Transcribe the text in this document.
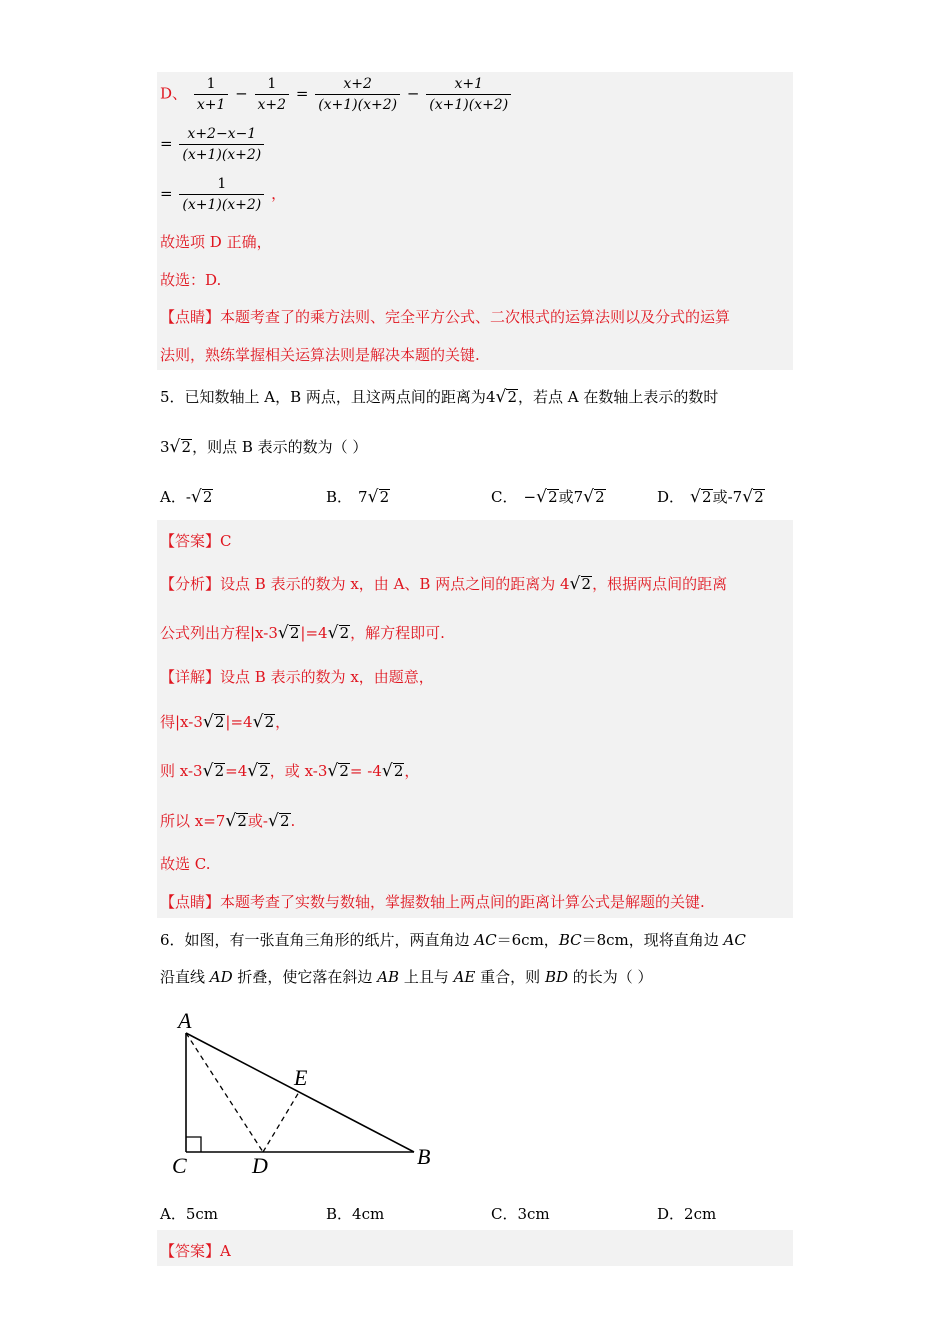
D、 $\frac{1}{x+1} - \frac{1}{x+2} = \frac{x+2}{(x+1)(x+2)} - \frac{x+1}{(x+1)(x+2)}$
= $\frac{x+2-x-1}{(x+1)(x+2)}$
= $\frac{1}{(x+1)(x+2)}$ ，
故选项 D 正确，
故选：D.
【点睛】本题考查了的乘方法则、完全平方公式、二次根式的运算法则以及分式的运算
法则，熟练掌握相关运算法则是解决本题的关键.
5．已知数轴上 A，B 两点，且这两点间的距离为4 √ 2，若点 A 在数轴上表示的数时
3 √ 2，则点 B 表示的数为（ ）
A．- √ 2	B． 7 √ 2	C． − √ 2或7 √ 2	D． √ 2或-7 √ 2
【答案】C
【分析】设点 B 表示的数为 x，由 A、B 两点之间的距离为 4 √ 2，根据两点间的距离
公式列出方程|x-3 √ 2|=4 √ 2，解方程即可.
【详解】设点 B 表示的数为 x，由题意，
得|x-3 √ 2|=4 √ 2，
则 x-3 √ 2=4 √ 2，或 x-3 √ 2= -4 √ 2，
所以 x=7 √ 2或- √ 2.
故选 C.
【点睛】本题考查了实数与数轴，掌握数轴上两点间的距离计算公式是解题的关键.
6．如图，有一张直角三角形的纸片，两直角边 AC＝6cm，BC＝8cm，现将直角边 AC
沿直线 AD 折叠，使它落在斜边 AB 上且与 AE 重合，则 BD 的长为（ ）
A
C	D
E
B
A．5cm	B．4cm	C．3cm	D．2cm
【答案】A
